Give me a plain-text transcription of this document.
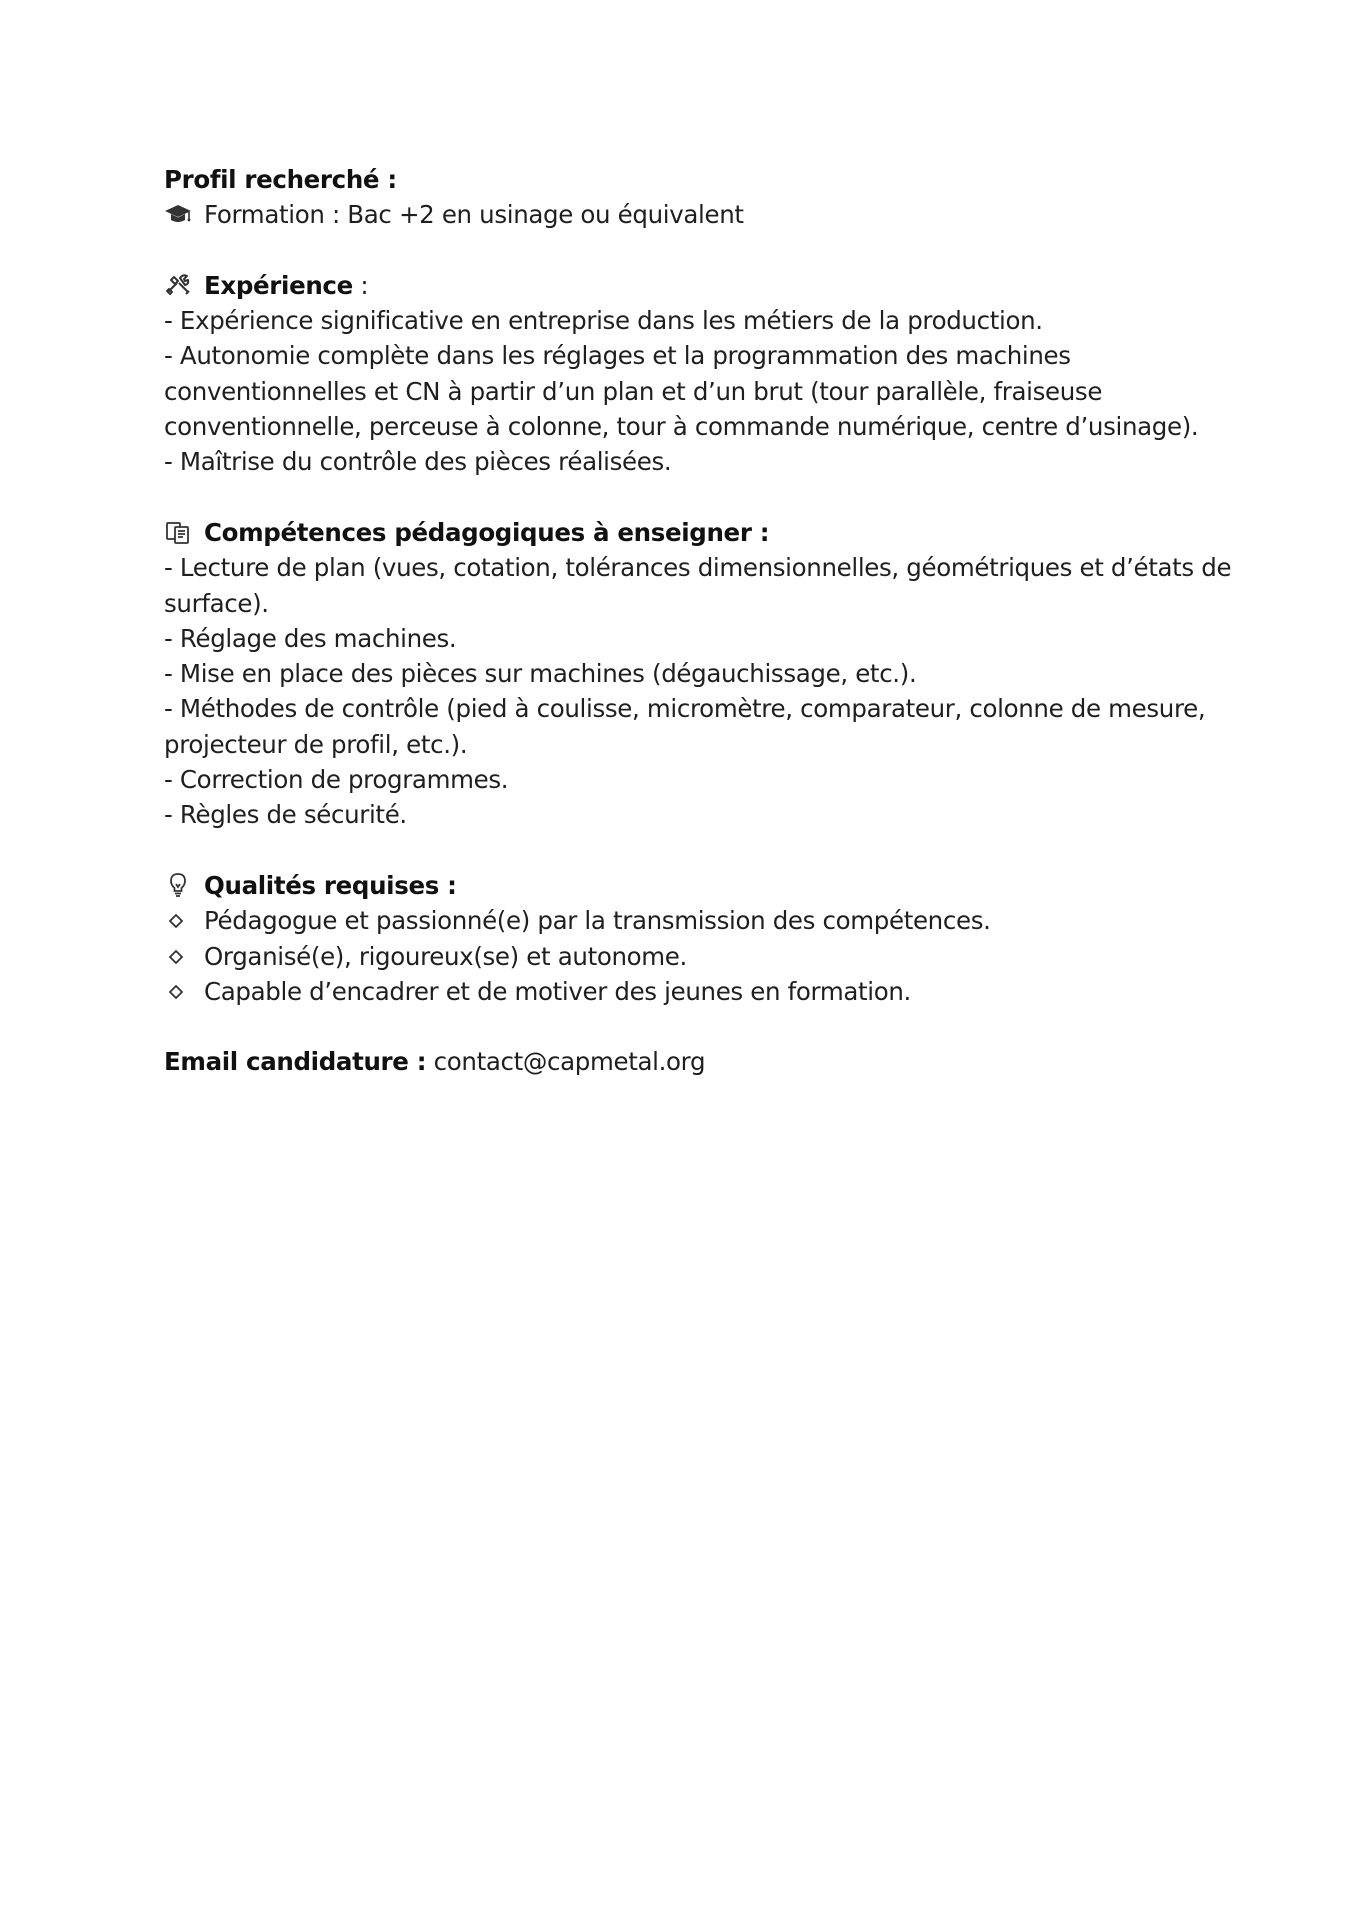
Profil recherché :

Formation : Bac +2 en usinage ou équivalent

Expérience :

- Expérience significative en entreprise dans les métiers de la production.

- Autonomie complète dans les réglages et la programmation des machines

conventionnelles et CN à partir d’un plan et d’un brut (tour parallèle, fraiseuse

conventionnelle, perceuse à colonne, tour à commande numérique, centre d’usinage).

- Maîtrise du contrôle des pièces réalisées.

Compétences pédagogiques à enseigner :

- Lecture de plan (vues, cotation, tolérances dimensionnelles, géométriques et d’états de

surface).

- Réglage des machines.

- Mise en place des pièces sur machines (dégauchissage, etc.).

- Méthodes de contrôle (pied à coulisse, micromètre, comparateur, colonne de mesure,

projecteur de profil, etc.).

- Correction de programmes.

- Règles de sécurité.

Qualités requises :

Pédagogue et passionné(e) par la transmission des compétences.

Organisé(e), rigoureux(se) et autonome.

Capable d’encadrer et de motiver des jeunes en formation.

Email candidature : contact@capmetal.org
